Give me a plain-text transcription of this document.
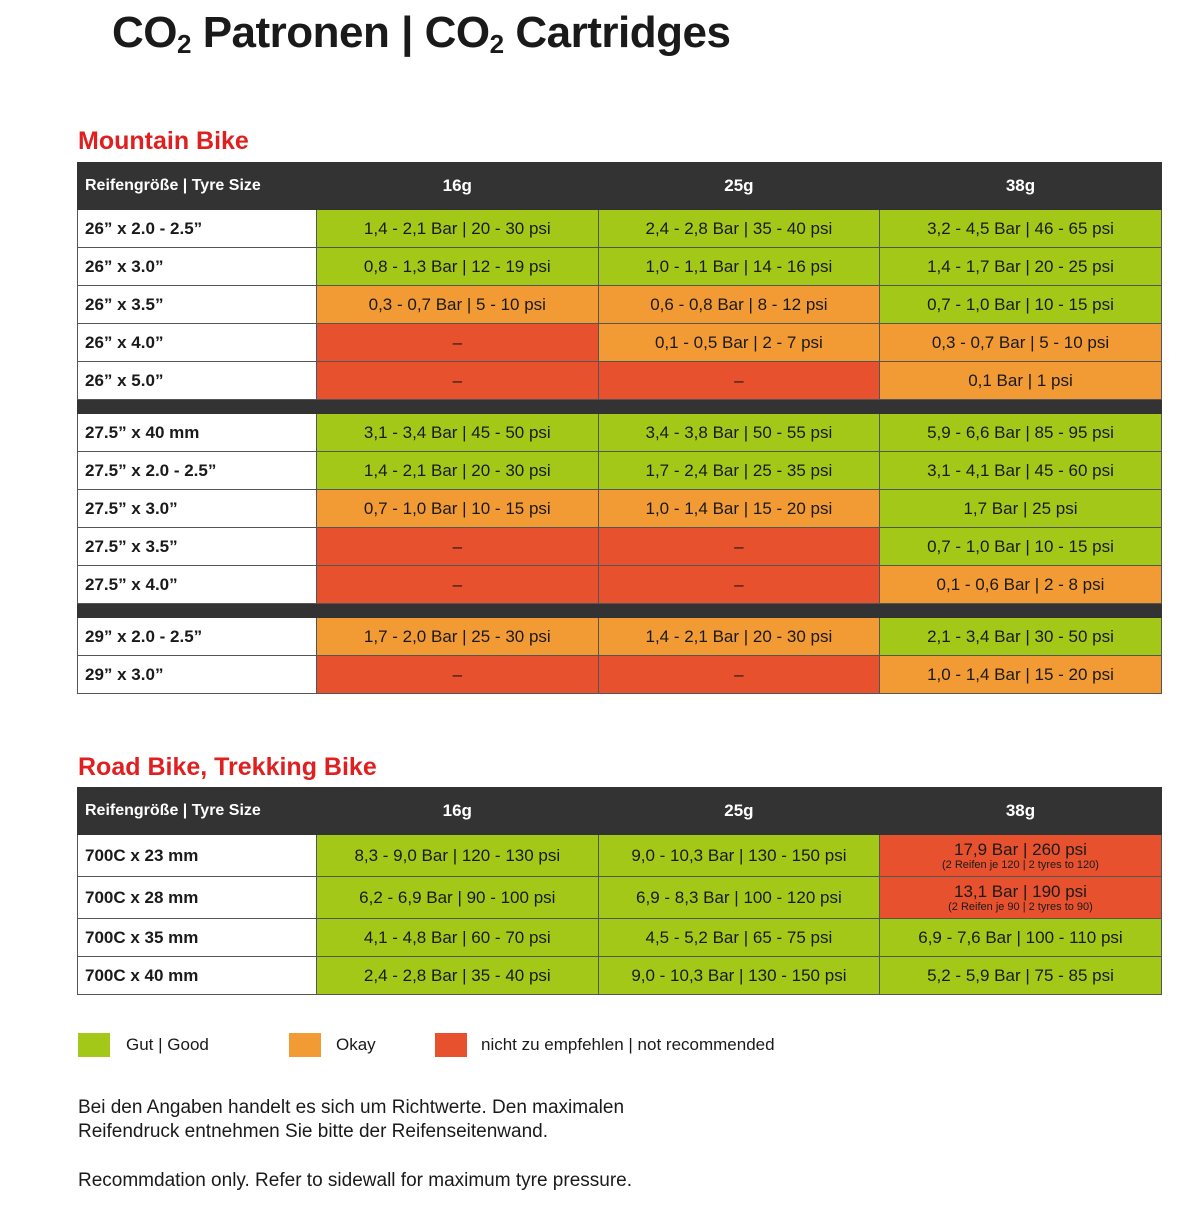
$CO_2$ Patronen | $CO_2$ Cartridges
Mountain Bike
Reifengröße | Tyre Size	16g	25g	38g
26” x 2.0 - 2.5”	1,4 - 2,1 Bar | 20 - 30 psi	2,4 - 2,8 Bar | 35 - 40 psi	3,2 - 4,5 Bar | 46 - 65 psi

26” x 3.0”	0,8 - 1,3 Bar | 12 - 19 psi	1,0 - 1,1 Bar | 14 - 16 psi	1,4 - 1,7 Bar | 20 - 25 psi

26” x 3.5”	0,3 - 0,7 Bar | 5 - 10 psi	0,6 - 0,8 Bar | 8 - 12 psi	0,7 - 1,0 Bar | 10 - 15 psi

26” x 4.0”	–	0,1 - 0,5 Bar | 2 - 7 psi	0,3 - 0,7 Bar | 5 - 10 psi

26” x 5.0”	–	–	0,1 Bar | 1 psi

27.5” x 40 mm	3,1 - 3,4 Bar | 45 - 50 psi	3,4 - 3,8 Bar | 50 - 55 psi	5,9 - 6,6 Bar | 85 - 95 psi

27.5” x 2.0 - 2.5”	1,4 - 2,1 Bar | 20 - 30 psi	1,7 - 2,4 Bar | 25 - 35 psi	3,1 - 4,1 Bar | 45 - 60 psi

27.5” x 3.0”	0,7 - 1,0 Bar | 10 - 15 psi	1,0 - 1,4 Bar | 15 - 20 psi	1,7 Bar | 25 psi

27.5” x 3.5”	–	–	0,7 - 1,0 Bar | 10 - 15 psi

27.5” x 4.0”	–	–	0,1 - 0,6 Bar | 2 - 8 psi

29” x 2.0 - 2.5”	1,7 - 2,0 Bar | 25 - 30 psi	1,4 - 2,1 Bar | 20 - 30 psi	2,1 - 3,4 Bar | 30 - 50 psi

29” x 3.0”	–	–	1,0 - 1,4 Bar | 15 - 20 psi
Road Bike, Trekking Bike
Reifengröße | Tyre Size	16g	25g	38g
700C x 23 mm	8,3 - 9,0 Bar | 120 - 130 psi	9,0 - 10,3 Bar | 130 - 150 psi	17,9 Bar | 260 psi
(2 Reifen je 120 | 2 tyres to 120)

700C x 28 mm	6,2 - 6,9 Bar | 90 - 100 psi	6,9 - 8,3 Bar | 100 - 120 psi	13,1 Bar | 190 psi
(2 Reifen je 90 | 2 tyres to 90)

700C x 35 mm	4,1 - 4,8 Bar | 60 - 70 psi	4,5 - 5,2 Bar | 65 - 75 psi	6,9 - 7,6 Bar | 100 - 110 psi

700C x 40 mm	2,4 - 2,8 Bar | 35 - 40 psi	9,0 - 10,3 Bar | 130 - 150 psi	5,2 - 5,9 Bar | 75 - 85 psi
Gut | Good	Okay	nicht zu empfehlen | not recommended
Bei den Angaben handelt es sich um Richtwerte. Den maximalen
Reifendruck entnehmen Sie bitte der Reifenseitenwand.
Recommdation only. Refer to sidewall for maximum tyre pressure.
